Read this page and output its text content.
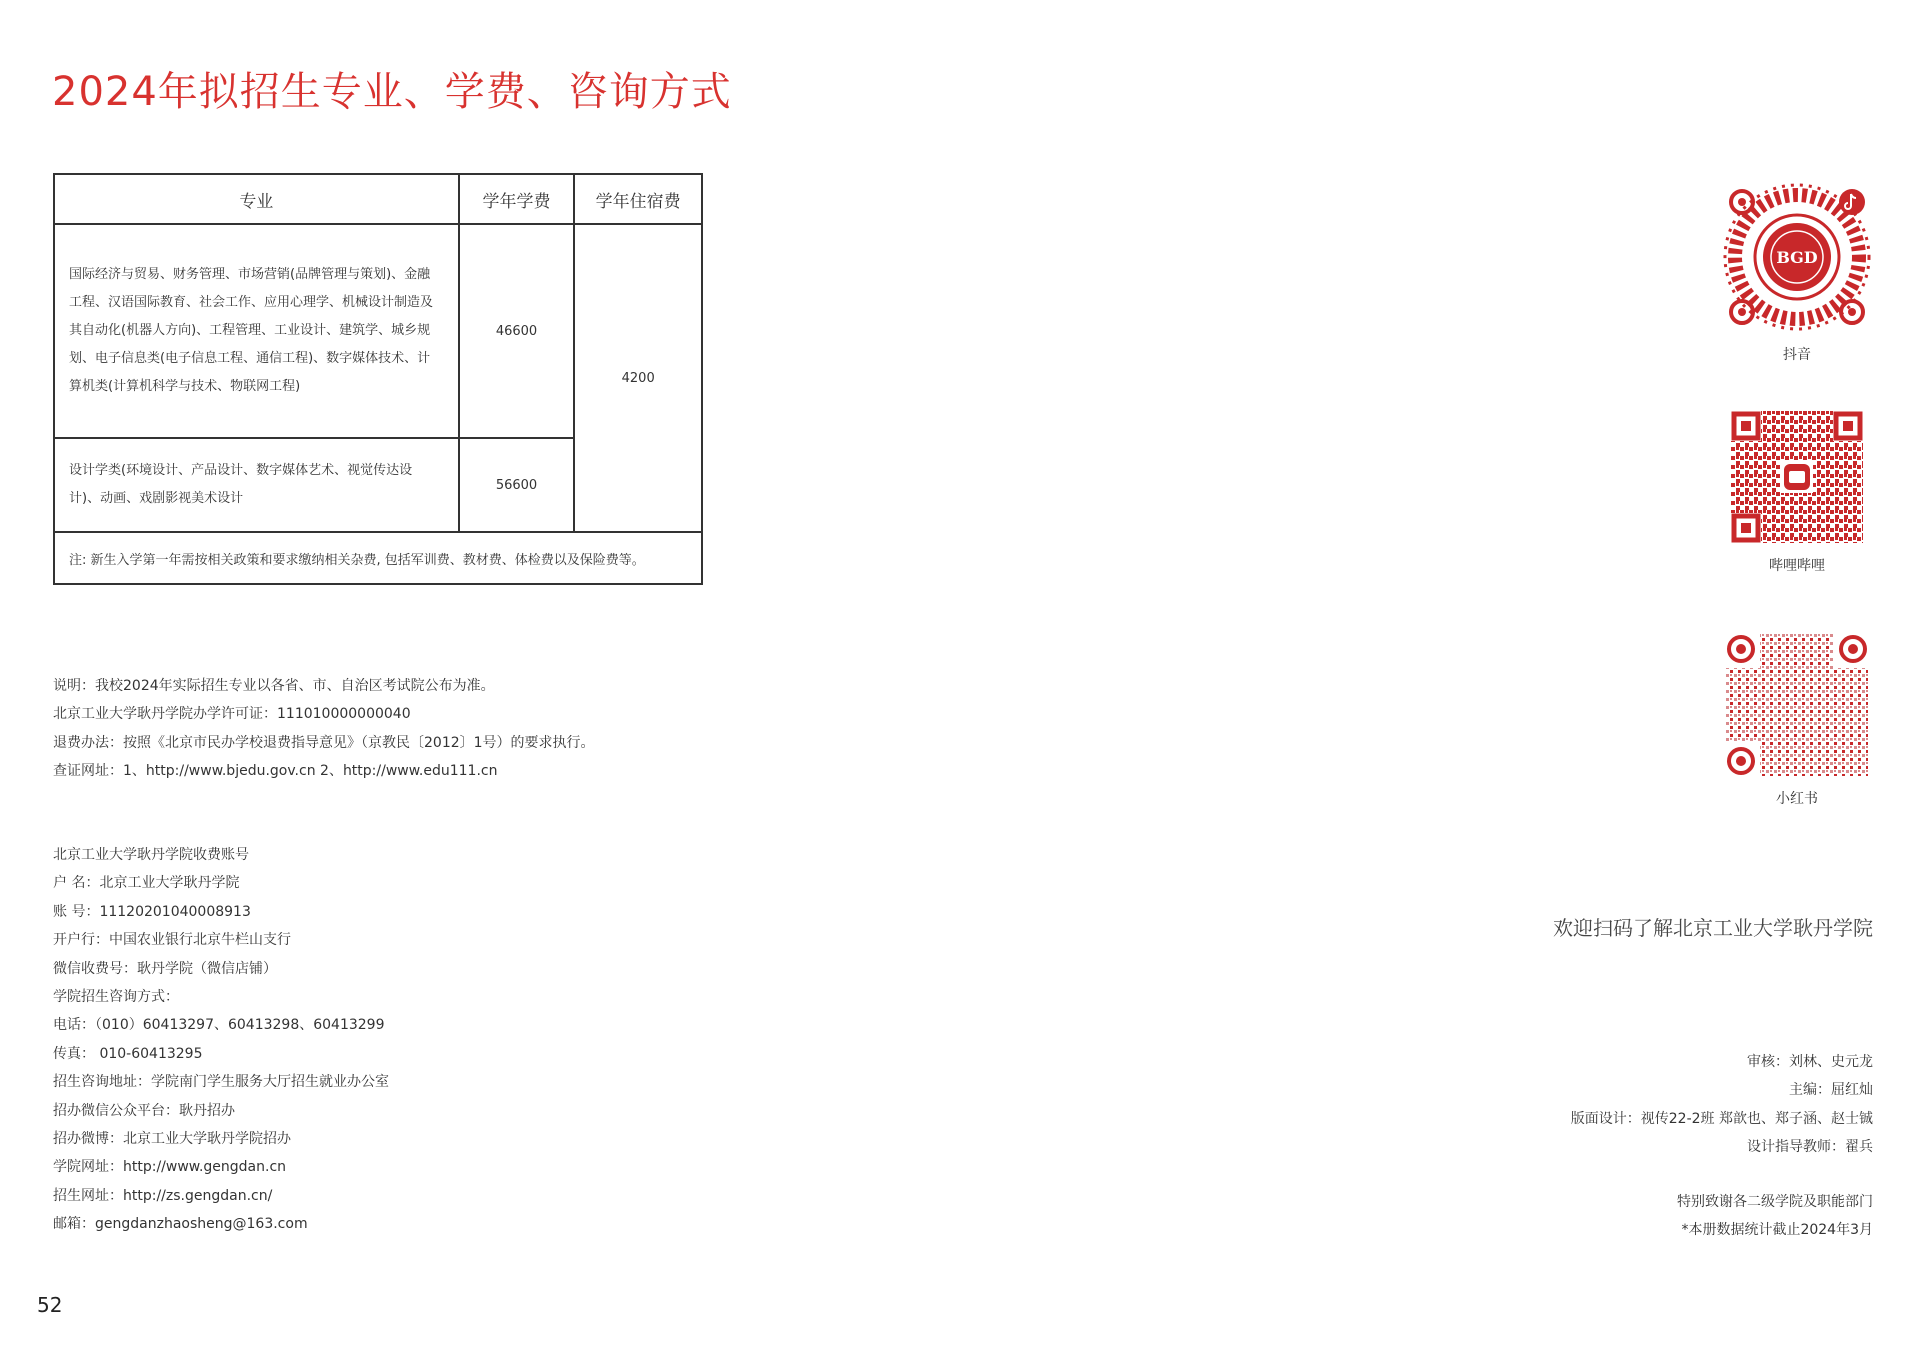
2024年拟招生专业、学费、咨询方式
专业	学年学费	学年住宿费
国际经济与贸易、财务管理、市场营销(品牌管理与策划)、金融工程、汉语国际教育、社会工作、应用心理学、机械设计制造及其自动化(机器人方向)、工程管理、工业设计、建筑学、城乡规划、电子信息类(电子信息工程、通信工程)、数字媒体技术、计算机类(计算机科学与技术、物联网工程)	46600	4200
设计学类(环境设计、产品设计、数字媒体艺术、视觉传达设计)、动画、戏剧影视美术设计	56600	
注: 新生入学第一年需按相关政策和要求缴纳相关杂费, 包括军训费、教材费、体检费以及保险费等。		
说明：我校2024年实际招生专业以各省、市、自治区考试院公布为准。
北京工业大学耿丹学院办学许可证：111010000000040
退费办法：按照《北京市民办学校退费指导意见》（京教民〔2012〕1号）的要求执行。
查证网址：1、http://www.bjedu.gov.cn 2、http://www.edu111.cn
北京工业大学耿丹学院收费账号
户 名：北京工业大学耿丹学院
账 号：11120201040008913
开户行：中国农业银行北京牛栏山支行
微信收费号：耿丹学院（微信店铺）
学院招生咨询方式：
电话：（010）60413297、60413298、60413299
传真： 010-60413295
招生咨询地址：学院南门学生服务大厅招生就业办公室
招办微信公众平台：耿丹招办
招办微博：北京工业大学耿丹学院招办
学院网址：http://www.gengdan.cn
招生网址：http://zs.gengdan.cn/
邮箱：gengdanzhaosheng@163.com
52
BGD
抖音
哔哩哔哩
小红书
欢迎扫码了解北京工业大学耿丹学院
审核：刘林、史元龙
主编：屈红灿
版面设计：视传22-2班 郑歆也、郑子涵、赵士铖
设计指导教师：翟兵
特别致谢各二级学院及职能部门
*本册数据统计截止2024年3月
